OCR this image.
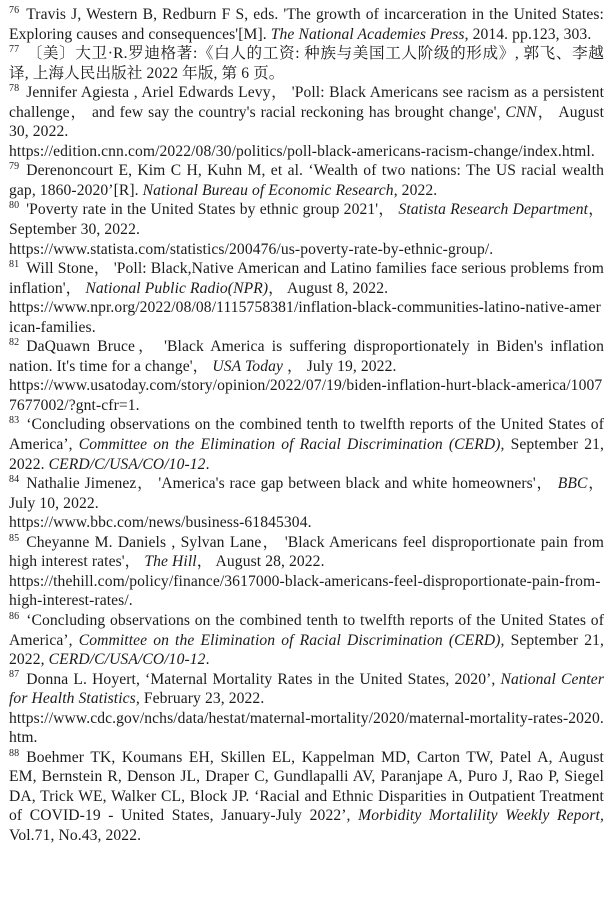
$^{76}$ Travis J, Western B, Redburn F S, eds. 'The growth of incarceration in the United States: Exploring causes and consequences'[M]. The National Academies Press, 2014. pp.123, 303.

$^{77}$ 〔美〕大卫·R.罗迪格著:《白人的工资: 种族与美国工人阶级的形成》, 郭飞、李越译, 上海人民出版社 2022 年版, 第 6 页。

$^{78}$ Jennifer Agiesta , Ariel Edwards Levy， 'Poll: Black Americans see racism as a persistent challenge， and few say the country's racial reckoning has brought change', CNN， August 30, 2022.
https://edition.cnn.com/2022/08/30/politics/poll-black-americans-racism-change/index.html.

$^{79}$ Derenoncourt E, Kim C H, Kuhn M, et al. ‘Wealth of two nations: The US racial wealth gap, 1860-2020’[R]. National Bureau of Economic Research, 2022.

$^{80}$ 'Poverty rate in the United States by ethnic group 2021'， Statista Research Department， September 30, 2022.
https://www.statista.com/statistics/200476/us-poverty-rate-by-ethnic-group/.

$^{81}$ Will Stone， 'Poll: Black,Native American and Latino families face serious problems from inflation'， National Public Radio(NPR)， August 8, 2022.
https://www.npr.org/2022/08/08/1115758381/inflation-black-communities-latino-native-american-families.

$^{82}$ DaQuawn Bruce， 'Black America is suffering disproportionately in Biden's inflation nation. It's time for a change'， USA Today ， July 19, 2022.
https://www.usatoday.com/story/opinion/2022/07/19/biden-inflation-hurt-black-america/10077677002/?gnt-cfr=1.

$^{83}$ ‘Concluding observations on the combined tenth to twelfth reports of the United States of America’, Committee on the Elimination of Racial Discrimination (CERD), September 21, 2022. CERD/C/USA/CO/10-12.

$^{84}$ Nathalie Jimenez， 'America's race gap between black and white homeowners'， BBC， July 10, 2022.
https://www.bbc.com/news/business-61845304.

$^{85}$ Cheyanne M. Daniels , Sylvan Lane， 'Black Americans feel disproportionate pain from high interest rates'， The Hill， August 28, 2022.
https://thehill.com/policy/finance/3617000-black-americans-feel-disproportionate-pain-from-high-interest-rates/.

$^{86}$ ‘Concluding observations on the combined tenth to twelfth reports of the United States of America’, Committee on the Elimination of Racial Discrimination (CERD), September 21, 2022, CERD/C/USA/CO/10-12.

$^{87}$ Donna L. Hoyert, ‘Maternal Mortality Rates in the United States, 2020’, National Center for Health Statistics, February 23, 2022.
https://www.cdc.gov/nchs/data/hestat/maternal-mortality/2020/maternal-mortality-rates-2020.htm.

$^{88}$ Boehmer TK, Koumans EH, Skillen EL, Kappelman MD, Carton TW, Patel A, August EM, Bernstein R, Denson JL, Draper C, Gundlapalli AV, Paranjape A, Puro J, Rao P, Siegel DA, Trick WE, Walker CL, Block JP. ‘Racial and Ethnic Disparities in Outpatient Treatment of COVID-19 - United States, January-July 2022’, Morbidity Mortalility Weekly Report, Vol.71, No.43, 2022.
